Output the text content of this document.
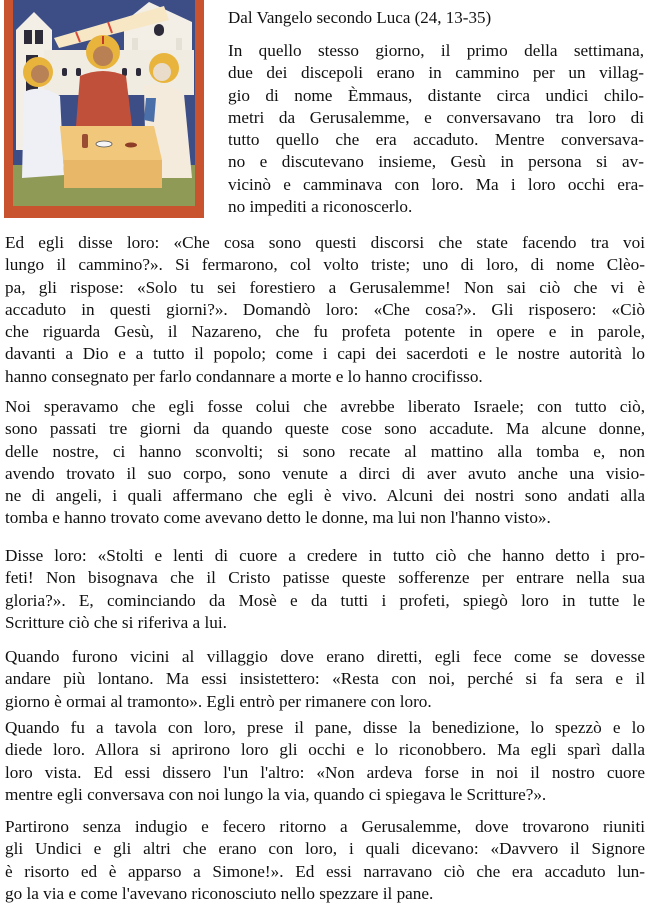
Dal Vangelo secondo Luca (24, 13-35)
In quello stesso giorno, il primo della settimana,
due dei discepoli erano in cammino per un villag-
gio di nome Èmmaus, distante circa undici chilo-
metri da Gerusalemme, e conversavano tra loro di
tutto quello che era accaduto. Mentre conversava-
no e discutevano insieme, Gesù in persona si av-
vicinò e camminava con loro. Ma i loro occhi era-
no impediti a riconoscerlo.
Ed egli disse loro: «Che cosa sono questi discorsi che state facendo tra voi
lungo il cammino?». Si fermarono, col volto triste; uno di loro, di nome Clèo-
pa, gli rispose: «Solo tu sei forestiero a Gerusalemme! Non sai ciò che vi è
accaduto in questi giorni?». Domandò loro: «Che cosa?». Gli risposero: «Ciò
che riguarda Gesù, il Nazareno, che fu profeta potente in opere e in parole,
davanti a Dio e a tutto il popolo; come i capi dei sacerdoti e le nostre autorità lo
hanno consegnato per farlo condannare a morte e lo hanno crocifisso.
Noi speravamo che egli fosse colui che avrebbe liberato Israele; con tutto ciò,
sono passati tre giorni da quando queste cose sono accadute. Ma alcune donne,
delle nostre, ci hanno sconvolti; si sono recate al mattino alla tomba e, non
avendo trovato il suo corpo, sono venute a dirci di aver avuto anche una visio-
ne di angeli, i quali affermano che egli è vivo. Alcuni dei nostri sono andati alla
tomba e hanno trovato come avevano detto le donne, ma lui non l'hanno visto».
Disse loro: «Stolti e lenti di cuore a credere in tutto ciò che hanno detto i pro-
feti! Non bisognava che il Cristo patisse queste sofferenze per entrare nella sua
gloria?». E, cominciando da Mosè e da tutti i profeti, spiegò loro in tutte le
Scritture ciò che si riferiva a lui.
Quando furono vicini al villaggio dove erano diretti, egli fece come se dovesse
andare più lontano. Ma essi insistettero: «Resta con noi, perché si fa sera e il
giorno è ormai al tramonto». Egli entrò per rimanere con loro.
Quando fu a tavola con loro, prese il pane, disse la benedizione, lo spezzò e lo
diede loro. Allora si aprirono loro gli occhi e lo riconobbero. Ma egli sparì dalla
loro vista. Ed essi dissero l'un l'altro: «Non ardeva forse in noi il nostro cuore
mentre egli conversava con noi lungo la via, quando ci spiegava le Scritture?».
Partirono senza indugio e fecero ritorno a Gerusalemme, dove trovarono riuniti
gli Undici e gli altri che erano con loro, i quali dicevano: «Davvero il Signore
è risorto ed è apparso a Simone!». Ed essi narravano ciò che era accaduto lun-
go la via e come l'avevano riconosciuto nello spezzare il pane.
